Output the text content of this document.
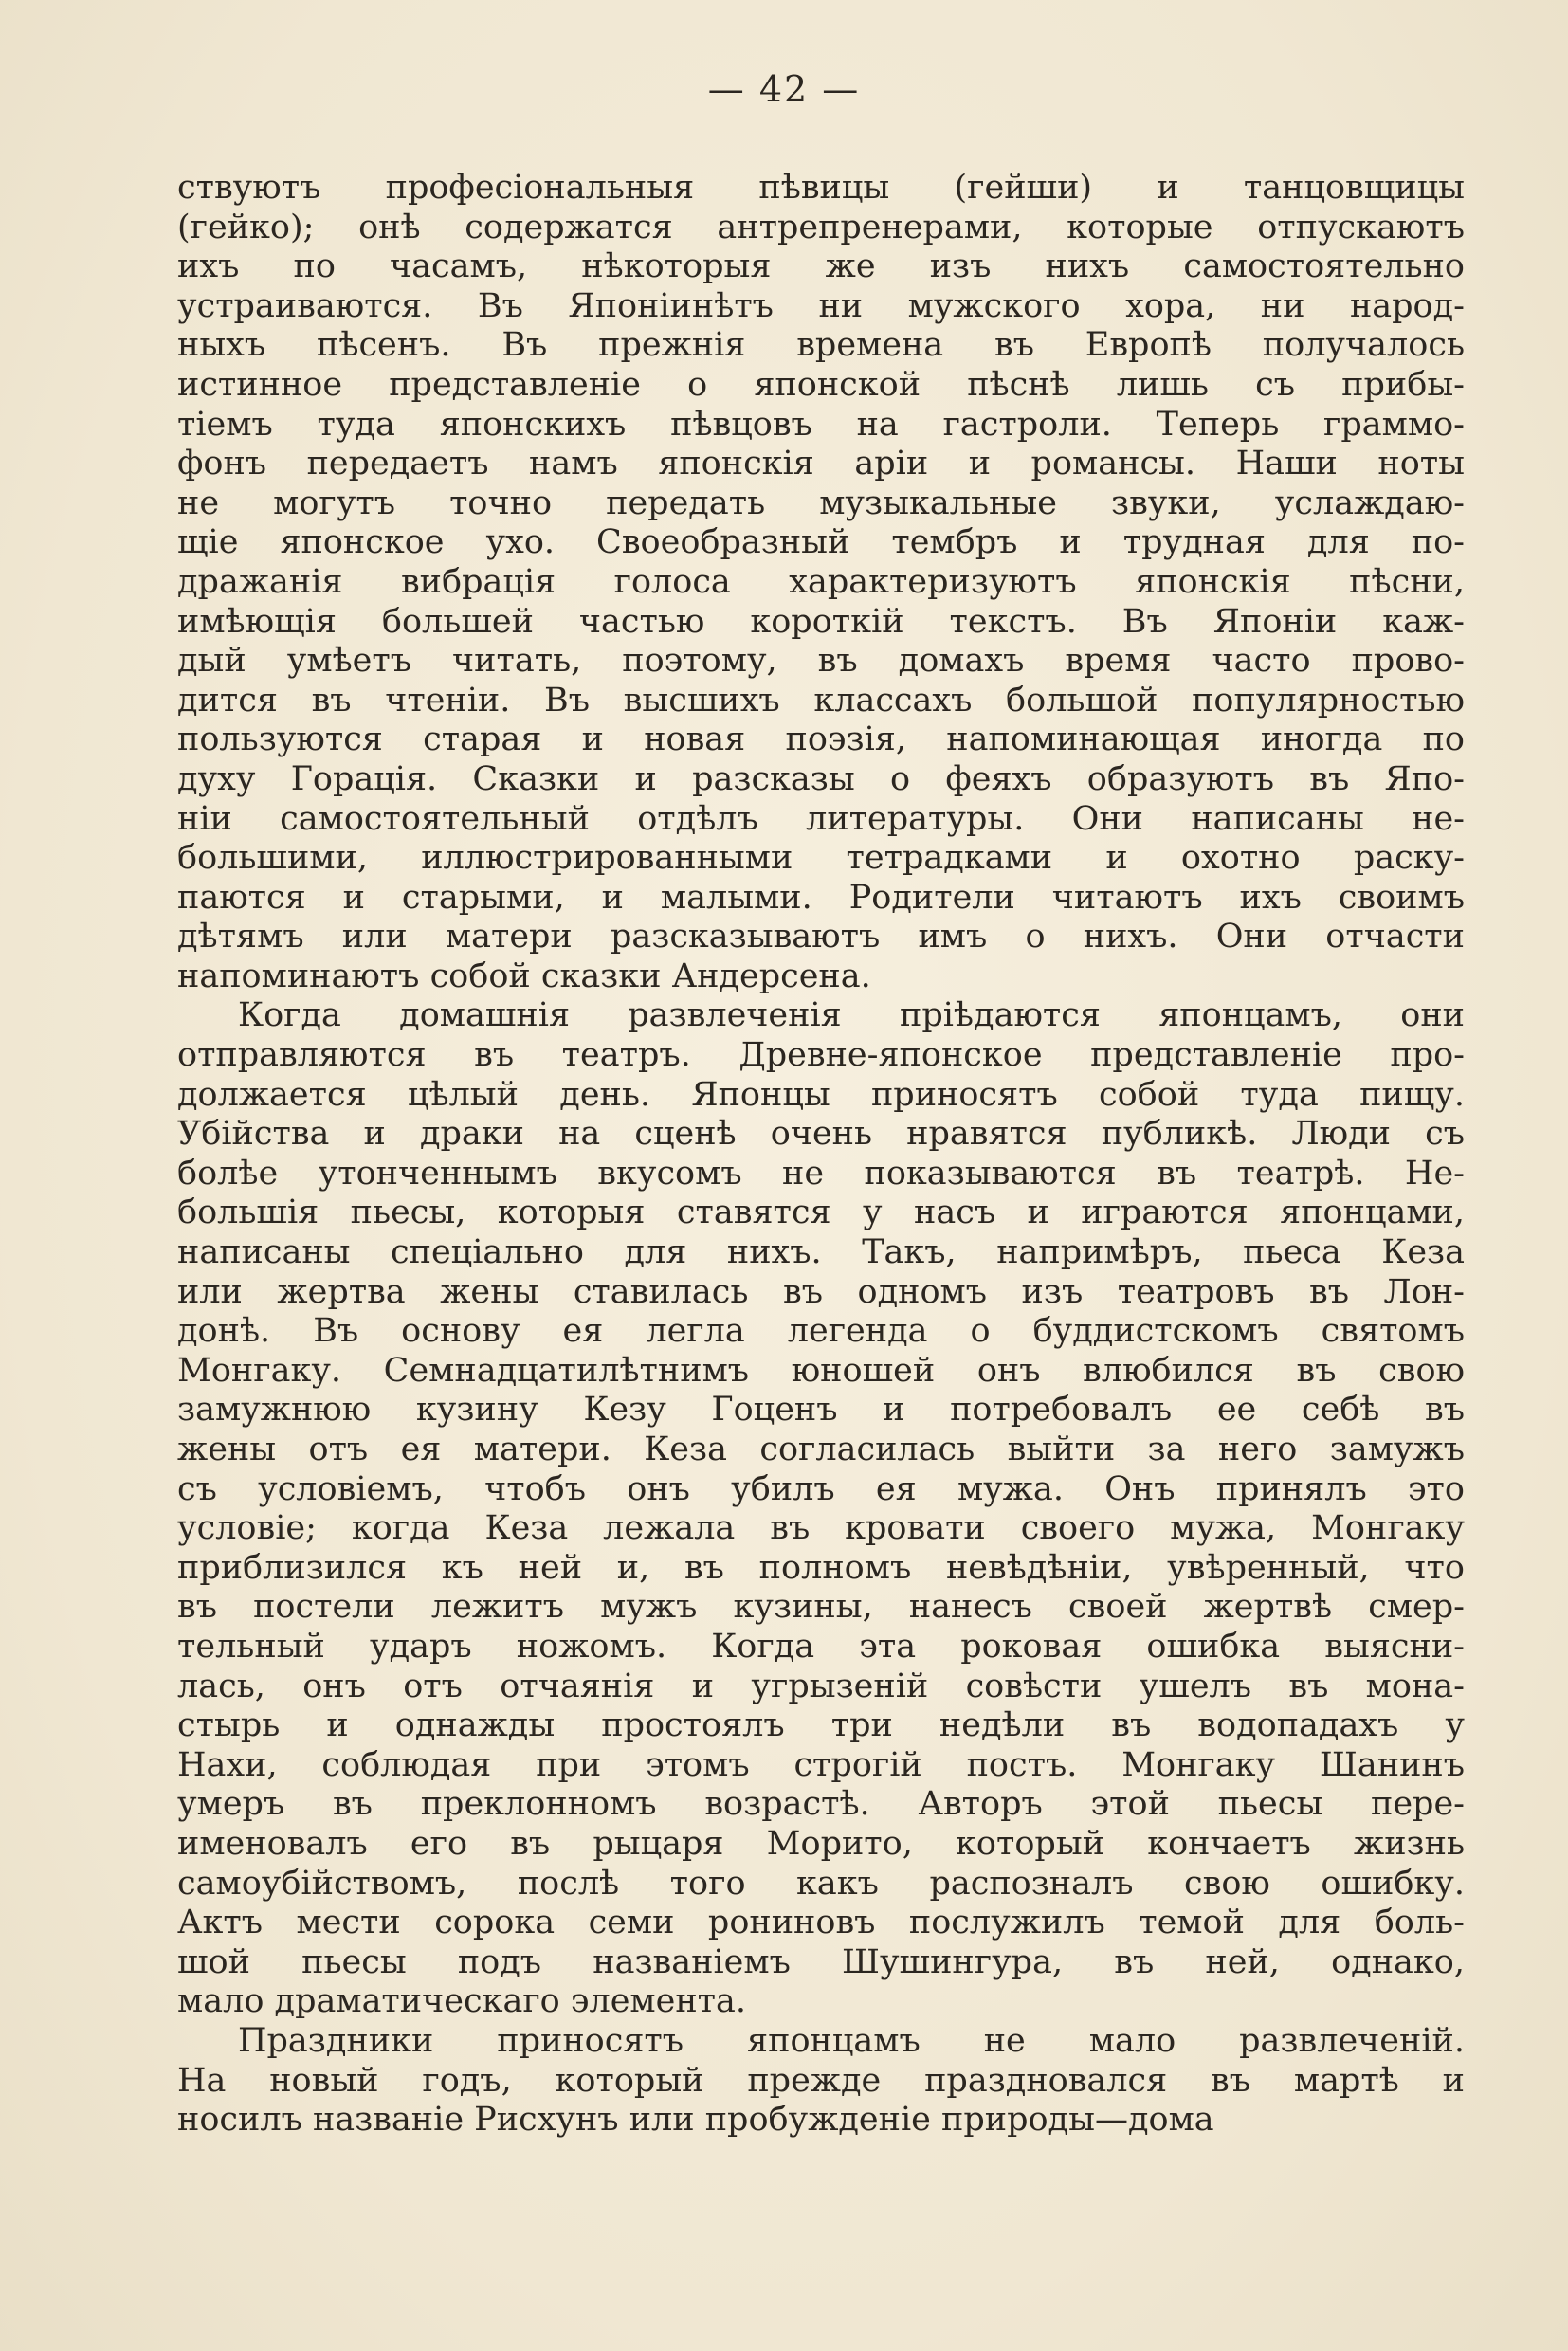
— 42 —

ствуютъ професiональныя пѣвицы (гейши) и танцовщицы
(гейко); онѣ содержатся антрепренерами, которые отпускаютъ
ихъ по часамъ, нѣкоторыя же изъ нихъ самостоятельно
устраиваются. Въ Японiинѣтъ ни мужского хора, ни народ-
ныхъ пѣсенъ. Въ прежнiя времена въ Европѣ получалось
истинное представленiе о японской пѣснѣ лишь съ прибы-
тiемъ туда японскихъ пѣвцовъ на гастроли. Теперь граммо-
фонъ передаетъ намъ японскiя арiи и романсы. Наши ноты
не могутъ точно передать музыкальные звуки, услаждаю-
щiе японское ухо. Своеобразный тембръ и трудная для по-
дражанiя вибрацiя голоса характеризуютъ японскiя пѣсни,
имѣющiя большей частью короткiй текстъ. Въ Японiи каж-
дый умѣетъ читать, поэтому, въ домахъ время часто прово-
дится въ чтенiи. Въ высшихъ классахъ большой популярностью
пользуются старая и новая поэзiя, напоминающая иногда по
духу Горацiя. Сказки и разсказы о феяхъ образуютъ въ Япо-
нiи самостоятельный отдѣлъ литературы. Они написаны не-
большими, иллюстрированными тетрадками и охотно раску-
паются и старыми, и малыми. Родители читаютъ ихъ своимъ
дѣтямъ или матери разсказываютъ имъ о нихъ. Они отчасти
напоминаютъ собой сказки Андерсена.
Когда домашнiя развлеченiя прiѣдаются японцамъ, они
отправляются въ театръ. Древне-японское представленiе про-
должается цѣлый день. Японцы приносятъ собой туда пищу.
Убiйства и драки на сценѣ очень нравятся публикѣ. Люди съ
болѣе утонченнымъ вкусомъ не показываются въ театрѣ. Не-
большiя пьесы, которыя ставятся у насъ и играются японцами,
написаны спецiально для нихъ. Такъ, напримѣръ, пьеса Кеза
или жертва жены ставилась въ одномъ изъ театровъ въ Лон-
донѣ. Въ основу ея легла легенда о буддистскомъ святомъ
Монгаку. Семнадцатилѣтнимъ юношей онъ влюбился въ свою
замужнюю кузину Кезу Гоценъ и потребовалъ ее себѣ въ
жены отъ ея матери. Кеза согласилась выйти за него замужъ
съ условiемъ, чтобъ онъ убилъ ея мужа. Онъ принялъ это
условiе; когда Кеза лежала въ кровати своего мужа, Монгаку
приблизился къ ней и, въ полномъ невѣдѣнiи, увѣренный, что
въ постели лежитъ мужъ кузины, нанесъ своей жертвѣ смер-
тельный ударъ ножомъ. Когда эта роковая ошибка выясни-
лась, онъ отъ отчаянiя и угрызенiй совѣсти ушелъ въ мона-
стырь и однажды простоялъ три недѣли въ водопадахъ у
Нахи, соблюдая при этомъ строгiй постъ. Монгаку Шанинъ
умеръ въ преклонномъ возрастѣ. Авторъ этой пьесы пере-
именовалъ его въ рыцаря Морито, который кончаетъ жизнь
самоубiйствомъ, послѣ того какъ распозналъ свою ошибку.
Актъ мести сорока семи рониновъ послужилъ темой для боль-
шой пьесы подъ названiемъ Шушингура, въ ней, однако,
мало драматическаго элемента.
Праздники приносятъ японцамъ не мало развлеченiй.
На новый годъ, который прежде праздновался въ мартѣ и
носилъ названiе Рисхунъ или пробужденiе природы—дома
